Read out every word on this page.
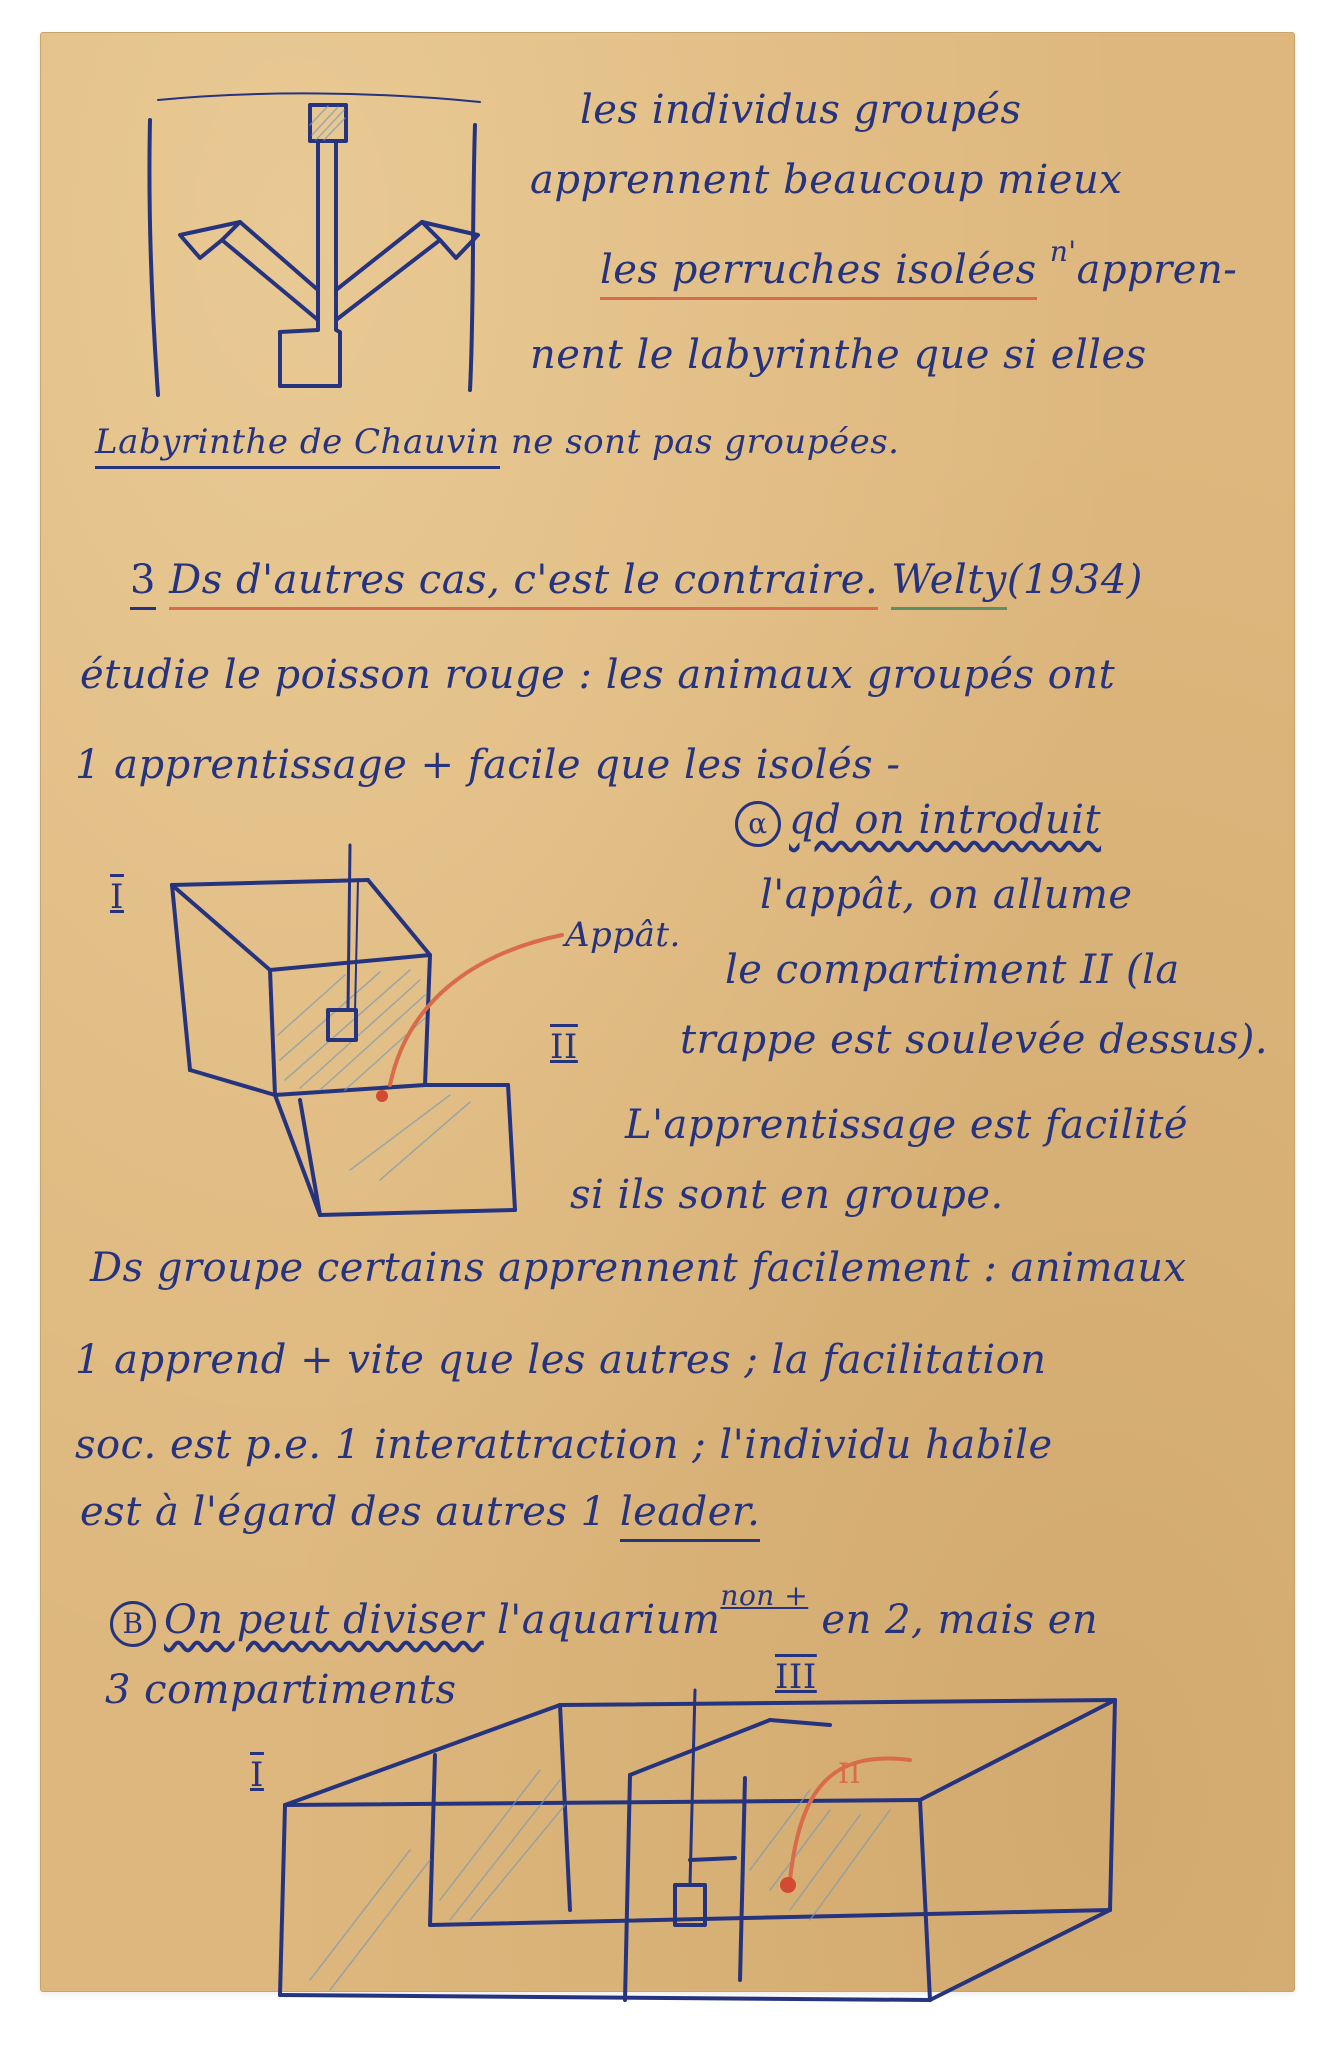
les individus groupés
apprennent beaucoup mieux
les perruches isolées $^{n'}$appren-
nent le labyrinthe que si elles
Labyrinthe de Chauvin ne sont pas groupées.
3 Ds d'autres cas, c'est le contraire. Welty(1934)
étudie le poisson rouge : les animaux groupés ont
1 apprentissage + facile que les isolés -
α qd on introduit
l'appât, on allume
le compartiment II (la
trappe est soulevée dessus).
L'apprentissage est facilité
si ils sont en groupe.
I
II
Appât.
Ds groupe certains apprennent facilement : animaux
1 apprend + vite que les autres ; la facilitation
soc. est p.e. 1 interattraction ; l'individu habile
est à l'égard des autres 1 leader.
B On peut diviser l'aquarium$^{non +}$ en 2, mais en
3 compartiments
I
III
II
